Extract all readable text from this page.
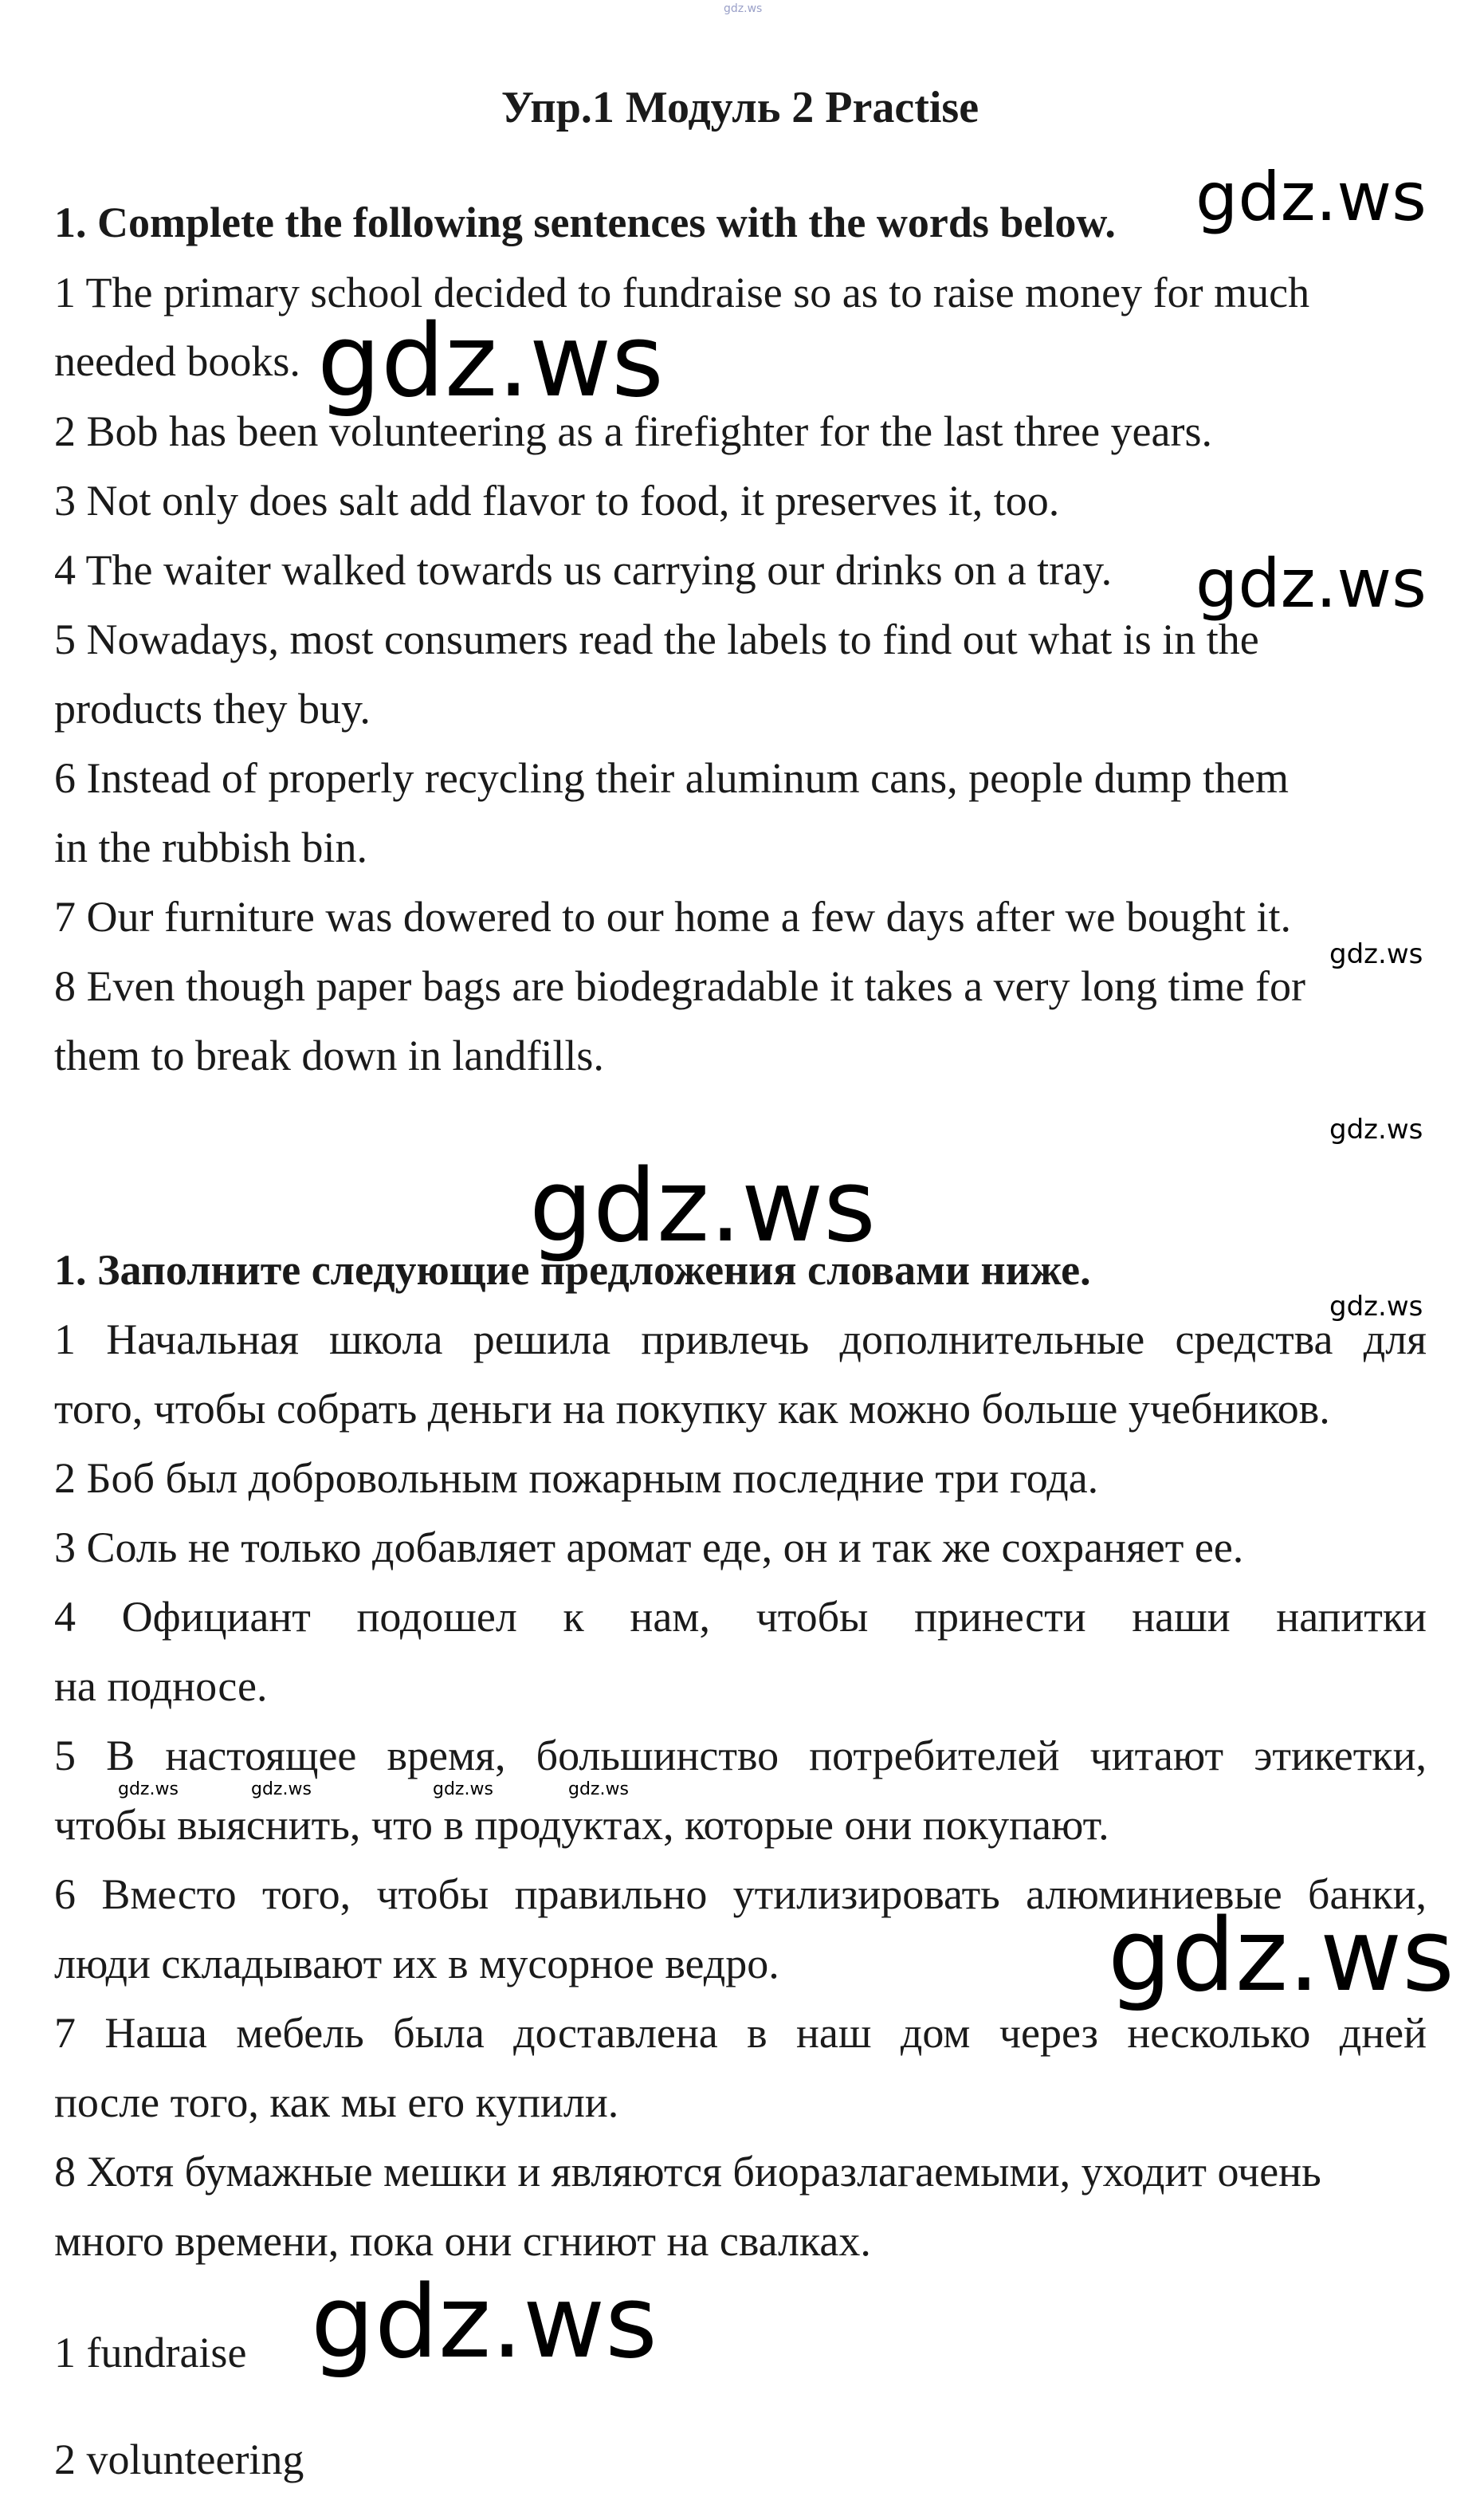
gdz.ws
Упр.1 Модуль 2 Practise
1. Complete the following sentences with the words below.
1 The primary school decided to fundraise so as to raise money for much
needed books.
2 Bob has been volunteering as a firefighter for the last three years.
3 Not only does salt add flavor to food, it preserves it, too.
4 The waiter walked towards us carrying our drinks on a tray.
5 Nowadays, most consumers read the labels to find out what is in the
products they buy.
6 Instead of properly recycling their aluminum cans, people dump them
in the rubbish bin.
7 Our furniture was dowered to our home a few days after we bought it.
8 Even though paper bags are biodegradable it takes a very long time for
them to break down in landfills.
1. Заполните следующие предложения словами ниже.
1 Начальная школа решила привлечь дополнительные средства для
того, чтобы собрать деньги на покупку как можно больше учебников.
2 Боб был добровольным пожарным последние три года.
3 Соль не только добавляет аромат еде, он и так же сохраняет ее.
4 Официант подошел к нам, чтобы принести наши напитки
на подносе.
5 В настоящее время, большинство потребителей читают этикетки,
чтобы выяснить, что в продуктах, которые они покупают.
6 Вместо того, чтобы правильно утилизировать алюминиевые банки,
люди складывают их в мусорное ведро.
7 Наша мебель была доставлена в наш дом через несколько дней
после того, как мы его купили.
8 Хотя бумажные мешки и являются биоразлагаемыми, уходит очень
много времени, пока они сгниют на свалках.
1 fundraise
2 volunteering
gdz.ws
gdz.ws
gdz.ws
gdz.ws
gdz.ws
gdz.ws
gdz.ws
gdz.ws	gdz.ws	gdz.ws	gdz.ws
gdz.ws
gdz.ws
